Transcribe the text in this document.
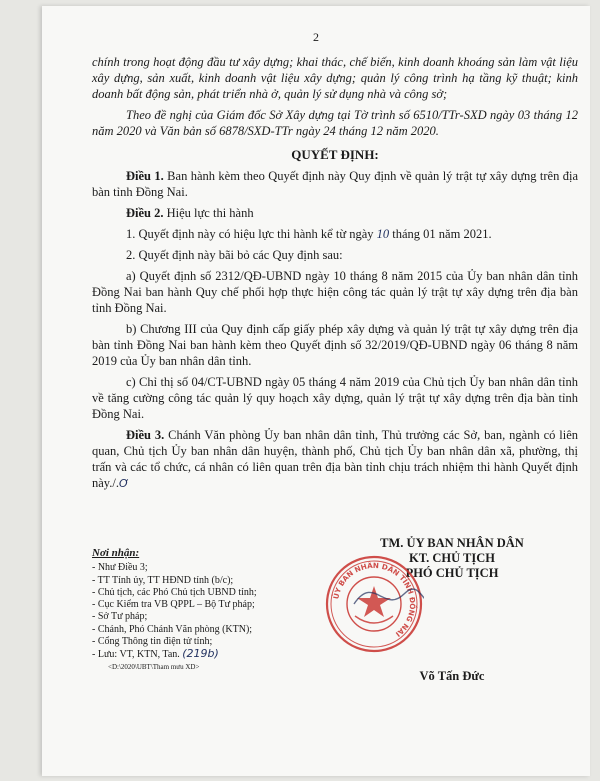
2

chính trong hoạt động đầu tư xây dựng; khai thác, chế biến, kinh doanh khoáng sản làm vật liệu xây dựng, sản xuất, kinh doanh vật liệu xây dựng; quản lý công trình hạ tầng kỹ thuật; kinh doanh bất động sản, phát triển nhà ở, quản lý sử dụng nhà và công sở;

Theo đề nghị của Giám đốc Sở Xây dựng tại Tờ trình số 6510/TTr-SXD ngày 03 tháng 12 năm 2020 và Văn bản số 6878/SXD-TTr ngày 24 tháng 12 năm 2020.

QUYẾT ĐỊNH:

Điều 1. Ban hành kèm theo Quyết định này Quy định về quản lý trật tự xây dựng trên địa bàn tỉnh Đồng Nai.

Điều 2. Hiệu lực thi hành

1. Quyết định này có hiệu lực thi hành kể từ ngày 10 tháng 01 năm 2021.

2. Quyết định này bãi bỏ các Quy định sau:

a) Quyết định số 2312/QĐ-UBND ngày 10 tháng 8 năm 2015 của Ủy ban nhân dân tỉnh Đồng Nai ban hành Quy chế phối hợp thực hiện công tác quản lý trật tự xây dựng trên địa bàn tỉnh Đồng Nai.

b) Chương III của Quy định cấp giấy phép xây dựng và quản lý trật tự xây dựng trên địa bàn tỉnh Đồng Nai ban hành kèm theo Quyết định số 32/2019/QĐ-UBND ngày 06 tháng 8 năm 2019 của Ủy ban nhân dân tỉnh.

c) Chỉ thị số 04/CT-UBND ngày 05 tháng 4 năm 2019 của Chủ tịch Ủy ban nhân dân tỉnh về tăng cường công tác quản lý quy hoạch xây dựng, quản lý trật tự xây dựng trên địa bàn tỉnh Đồng Nai.

Điều 3. Chánh Văn phòng Ủy ban nhân dân tỉnh, Thủ trưởng các Sở, ban, ngành có liên quan, Chủ tịch Ủy ban nhân dân huyện, thành phố, Chủ tịch Ủy ban nhân dân xã, phường, thị trấn và các tổ chức, cá nhân có liên quan trên địa bàn tỉnh chịu trách nhiệm thi hành Quyết định này./.Ơ

Nơi nhận:
- Như Điều 3;
- TT Tỉnh ủy, TT HĐND tỉnh (b/c);
- Chủ tịch, các Phó Chủ tịch UBND tỉnh;
- Cục Kiểm tra VB QPPL – Bộ Tư pháp;
- Sở Tư pháp;
- Chánh, Phó Chánh Văn phòng (KTN);
- Cổng Thông tin điện tử tỉnh;
- Lưu: VT, KTN, Tan. (219b)
<D:\2020\UBT\Tham mưu XD>
TM. ỦY BAN NHÂN DÂN
KT. CHỦ TỊCH
PHÓ CHỦ TỊCH
Võ Tấn Đức
ỦY BAN NHÂN DÂN TỈNH ĐỒNG NAI
